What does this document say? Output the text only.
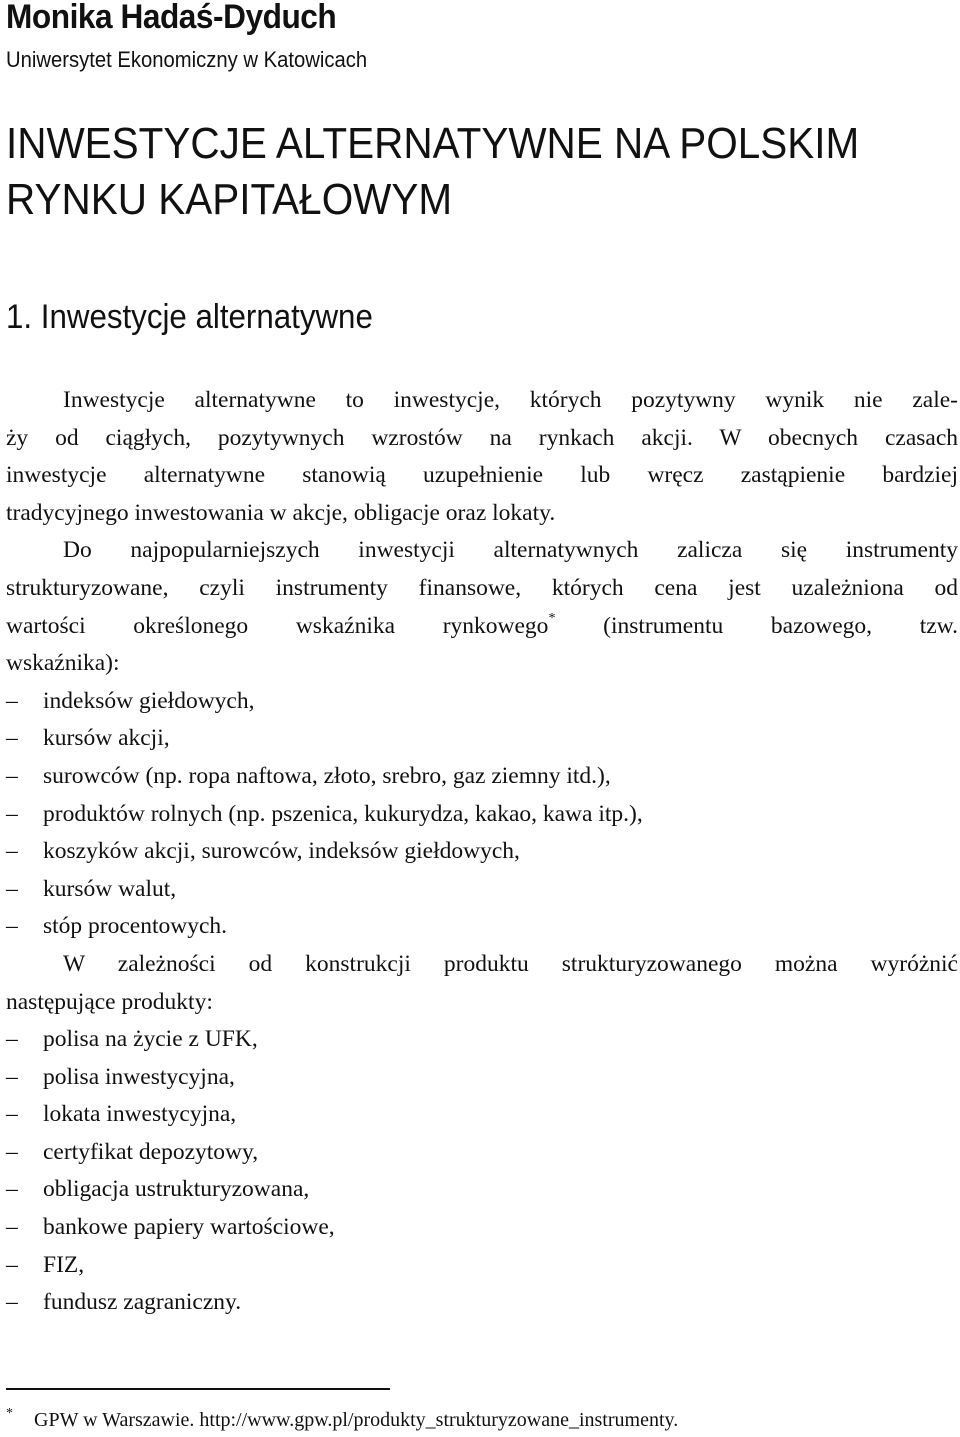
Monika Hadaś-Dyduch
Uniwersytet Ekonomiczny w Katowicach
INWESTYCJE ALTERNATYWNE NA POLSKIM
RYNKU KAPITAŁOWYM
1. Inwestycje alternatywne
Inwestycje alternatywne to inwestycje, których pozytywny wynik nie zale-
ży od ciągłych, pozytywnych wzrostów na rynkach akcji. W obecnych czasach
inwestycje alternatywne stanowią uzupełnienie lub wręcz zastąpienie bardziej
tradycyjnego inwestowania w akcje, obligacje oraz lokaty.
Do najpopularniejszych inwestycji alternatywnych zalicza się instrumenty
strukturyzowane, czyli instrumenty finansowe, których cena jest uzależniona od
wartości określonego wskaźnika rynkowego* (instrumentu bazowego, tzw.
wskaźnika):
–	indeksów giełdowych,
–	kursów akcji,
–	surowców (np. ropa naftowa, złoto, srebro, gaz ziemny itd.),
–	produktów rolnych (np. pszenica, kukurydza, kakao, kawa itp.),
–	koszyków akcji, surowców, indeksów giełdowych,
–	kursów walut,
–	stóp procentowych.
W zależności od konstrukcji produktu strukturyzowanego można wyróżnić
następujące produkty:
–	polisa na życie z UFK,
–	polisa inwestycyjna,
–	lokata inwestycyjna,
–	certyfikat depozytowy,
–	obligacja ustrukturyzowana,
–	bankowe papiery wartościowe,
–	FIZ,
–	fundusz zagraniczny.
* GPW w Warszawie. http://www.gpw.pl/produkty_strukturyzowane_instrumenty.
